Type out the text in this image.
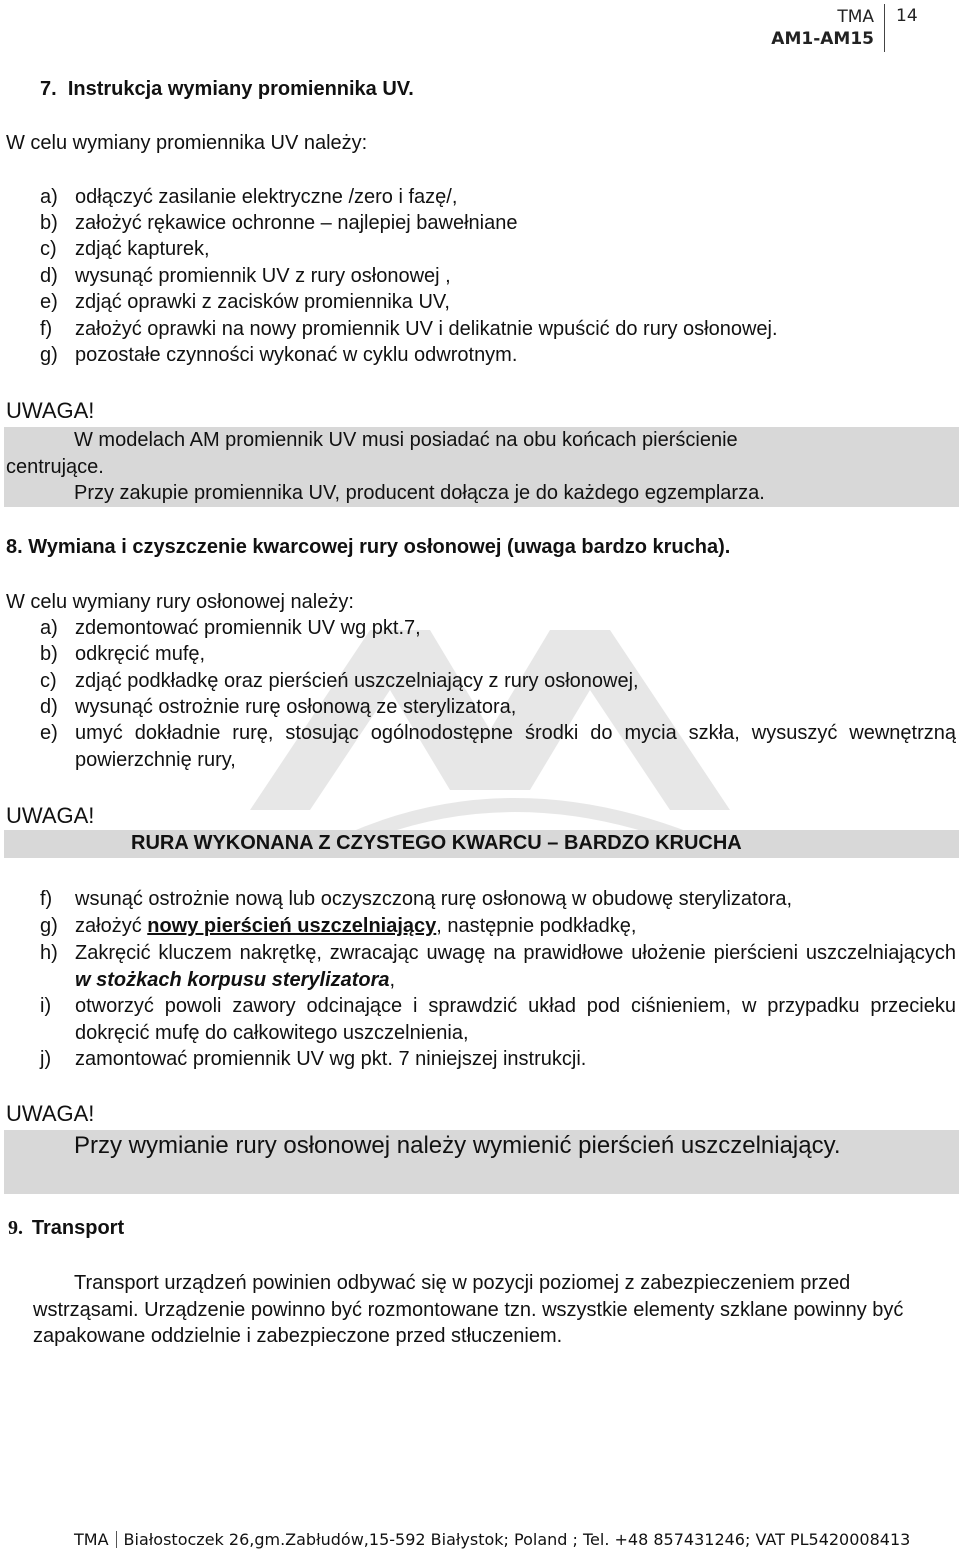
TMA
AM1-AM15
14
7. Instrukcja wymiany promiennika UV.
W celu wymiany promiennika UV należy:
a) odłączyć zasilanie elektryczne /zero i fazę/,
b) założyć rękawice ochronne – najlepiej bawełniane
c) zdjąć kapturek,
d) wysunąć promiennik UV z rury osłonowej ,
e) zdjąć oprawki z zacisków promiennika UV,
f) założyć oprawki na nowy promiennik UV i delikatnie wpuścić do rury osłonowej.
g) pozostałe czynności wykonać w cyklu odwrotnym.
UWAGA!
W modelach AM promiennik UV musi posiadać na obu końcach pierścienie
centrujące.
Przy zakupie promiennika UV, producent dołącza je do każdego egzemplarza.
8. Wymiana i czyszczenie kwarcowej rury osłonowej (uwaga bardzo krucha).
W celu wymiany rury osłonowej należy:
a) zdemontować promiennik UV wg pkt.7,
b) odkręcić mufę,
c) zdjąć podkładkę oraz pierścień uszczelniający z rury osłonowej,
d) wysunąć ostrożnie rurę osłonową ze sterylizatora,
e) umyć dokładnie rurę, stosując ogólnodostępne środki do mycia szkła, wysuszyć wewnętrzną powierzchnię rury,
UWAGA!
RURA WYKONANA Z CZYSTEGO KWARCU – BARDZO KRUCHA
f) wsunąć ostrożnie nową lub oczyszczoną rurę osłonową w obudowę sterylizatora,
g) założyć nowy pierścień uszczelniający, następnie podkładkę,
h) Zakręcić kluczem nakrętkę, zwracając uwagę na prawidłowe ułożenie pierścieni uszczelniających w stożkach korpusu sterylizatora,
i) otworzyć powoli zawory odcinające i sprawdzić układ pod ciśnieniem, w przypadku przecieku dokręcić mufę do całkowitego uszczelnienia,
j) zamontować promiennik UV wg pkt. 7 niniejszej instrukcji.
UWAGA!
Przy wymianie rury osłonowej należy wymienić pierścień uszczelniający.
9. Transport
Transport urządzeń powinien odbywać się w pozycji poziomej z zabezpieczeniem przed wstrząsami. Urządzenie powinno być rozmontowane tzn. wszystkie elementy szklane powinny być zapakowane oddzielnie i zabezpieczone przed stłuczeniem.
TMA Białostoczek 26,gm.Zabłudów,15-592 Białystok; Poland ; Tel. +48 857431246; VAT PL5420008413
